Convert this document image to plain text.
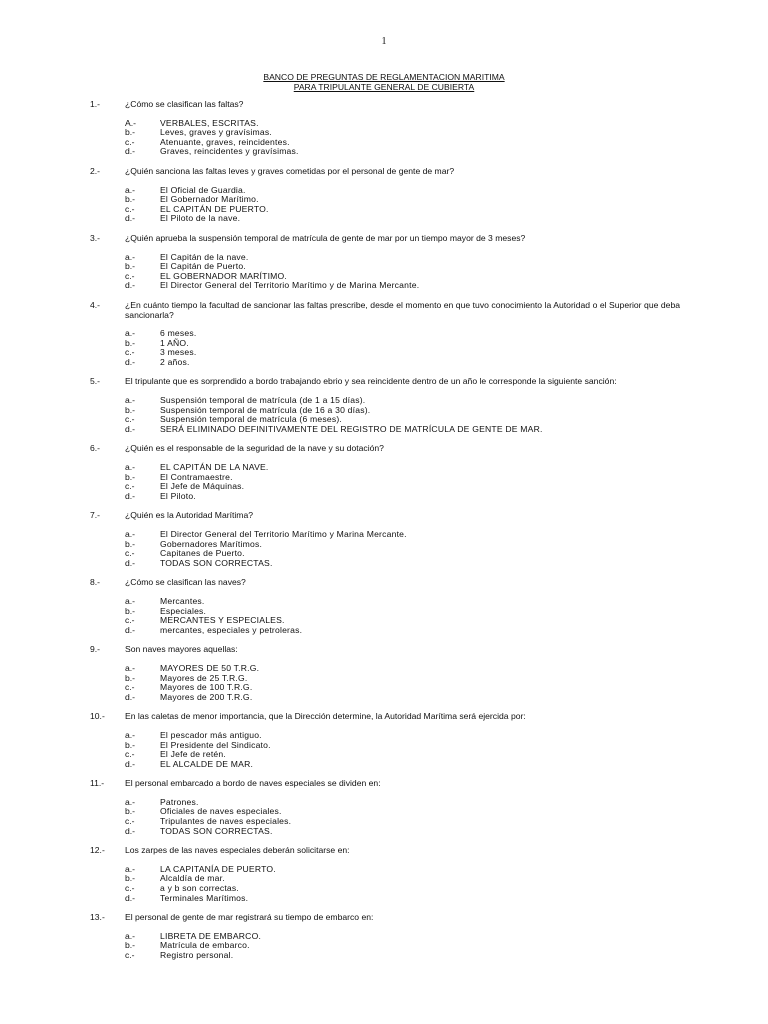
1
BANCO DE PREGUNTAS DE REGLAMENTACION MARITIMA
PARA TRIPULANTE GENERAL DE CUBIERTA
1.-	¿Cómo se clasifican las faltas?
A.-	VERBALES, ESCRITAS.
b.-	Leves, graves y gravísimas.
c.-	Atenuante, graves, reincidentes.
d.-	Graves, reincidentes y gravísimas.
2.-	¿Quién sanciona las faltas leves y graves cometidas por el personal de gente de mar?
a.-	El Oficial de Guardia.
b.-	El Gobernador Marítimo.
c.-	EL CAPITÁN DE PUERTO.
d.-	El Piloto de la nave.
3.-	¿Quién aprueba la suspensión temporal de matrícula de gente de mar por un tiempo mayor de 3 meses?
a.-	El Capitán de la nave.
b.-	El Capitán de Puerto.
c.-	EL GOBERNADOR MARÍTIMO.
d.-	El Director General del Territorio Marítimo y de Marina Mercante.
4.-	¿En cuánto tiempo la facultad de sancionar las faltas prescribe, desde el momento en que tuvo conocimiento la Autoridad o el Superior que deba sancionarla?
a.-	6 meses.
b.-	1 AÑO.
c.-	3 meses.
d.-	2 años.
5.-	El tripulante que es sorprendido a bordo trabajando ebrio y sea reincidente dentro de un año le corresponde la siguiente sanción:
a.-	Suspensión temporal de matrícula (de 1 a 15 días).
b.-	Suspensión temporal de matrícula (de 16 a 30 días).
c.-	Suspensión temporal de matrícula (6 meses).
d.-	SERÁ ELIMINADO DEFINITIVAMENTE DEL REGISTRO DE MATRÍCULA DE GENTE DE MAR.
6.-	¿Quién es el responsable de la seguridad de la nave y su dotación?
a.-	EL CAPITÁN DE LA NAVE.
b.-	El Contramaestre.
c.-	El Jefe de Máquinas.
d.-	El Piloto.
7.-	¿Quién es la Autoridad Marítima?
a.-	El Director General del Territorio Marítimo y Marina Mercante.
b.-	Gobernadores Marítimos.
c.-	Capitanes de Puerto.
d.-	TODAS SON CORRECTAS.
8.-	¿Cómo se clasifican las naves?
a.-	Mercantes.
b.-	Especiales.
c.-	MERCANTES Y ESPECIALES.
d.-	mercantes, especiales y petroleras.
9.-	Son naves mayores aquellas:
a.-	MAYORES DE 50 T.R.G.
b.-	Mayores de 25 T.R.G.
c.-	Mayores de 100 T.R.G.
d.-	Mayores de 200 T.R.G.
10.-	En las caletas de menor importancia, que la Dirección determine, la Autoridad Marítima será ejercida por:
a.-	El pescador más antiguo.
b.-	El Presidente del Sindicato.
c.-	El Jefe de retén.
d.-	EL ALCALDE DE MAR.
11.-	El personal embarcado a bordo de naves especiales se dividen en:
a.-	Patrones.
b.-	Oficiales de naves especiales.
c.-	Tripulantes de naves especiales.
d.-	TODAS SON CORRECTAS.
12.-	Los zarpes de las naves especiales deberán solicitarse en:
a.-	LA CAPITANÍA DE PUERTO.
b.-	Alcaldía de mar.
c.-	a y b son correctas.
d.-	Terminales Marítimos.
13.-	El personal de gente de mar registrará su tiempo de embarco en:
a.-	LIBRETA DE EMBARCO.
b.-	Matrícula de embarco.
c.-	Registro personal.
